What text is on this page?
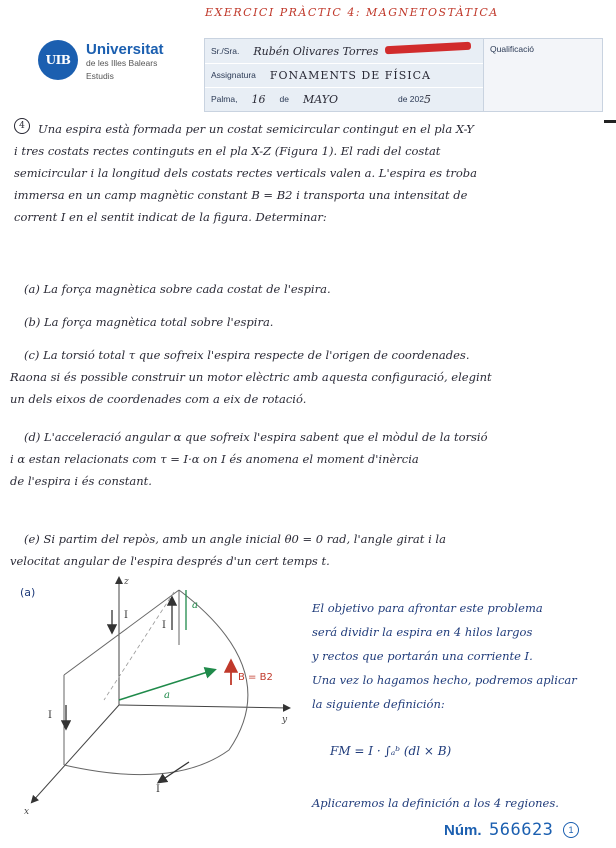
EXERCICI PRÀCTIC 4: MAGNETOSTÀTICA
UIB
Universitat
de les Illes Balears
Estudis
Sr./Sra. Rubén Olivares Torres
Assignatura FONAMENTS DE FÍSICA
Palma, 16 de MAYO	de 202 5
Qualificació
4	Una espira està formada per un costat semicircular contingut en el pla X-Y
i tres costats rectes continguts en el pla X-Z (Figura 1). El radi del costat
semicircular i la longitud dels costats rectes verticals valen a. L'espira es troba
immersa en un camp magnètic constant B = B2 i transporta una intensitat de
corrent I en el sentit indicat de la figura. Determinar:
(a) La força magnètica sobre cada costat de l'espira.
(b) La força magnètica total sobre l'espira.
(c) La torsió total τ que sofreix l'espira respecte de l'origen de coordenades.
Raona si és possible construir un motor elèctric amb aquesta configuració, elegint
un dels eixos de coordenades com a eix de rotació.
(d) L'acceleració angular α que sofreix l'espira sabent que el mòdul de la torsió
i α estan relacionats com τ = I·α on I és anomena el moment d'inèrcia
de l'espira i és constant.
(e) Si partim del repòs, amb un angle inicial θ0 = 0 rad, l'angle girat i la
velocitat angular de l'espira després d'un cert temps t.
(a)
z
y
x
I
I
I
I
a
a
B = B2
El objetivo para afrontar este problema
será dividir la espira en 4 hilos largos
y rectos que portarán una corriente I.
Una vez lo hagamos hecho, podremos aplicar
la siguiente definición:
FM = I · ∫ₐᵇ (dl × B)
Aplicaremos la definición a los 4 regiones.
Núm. 566623	1
